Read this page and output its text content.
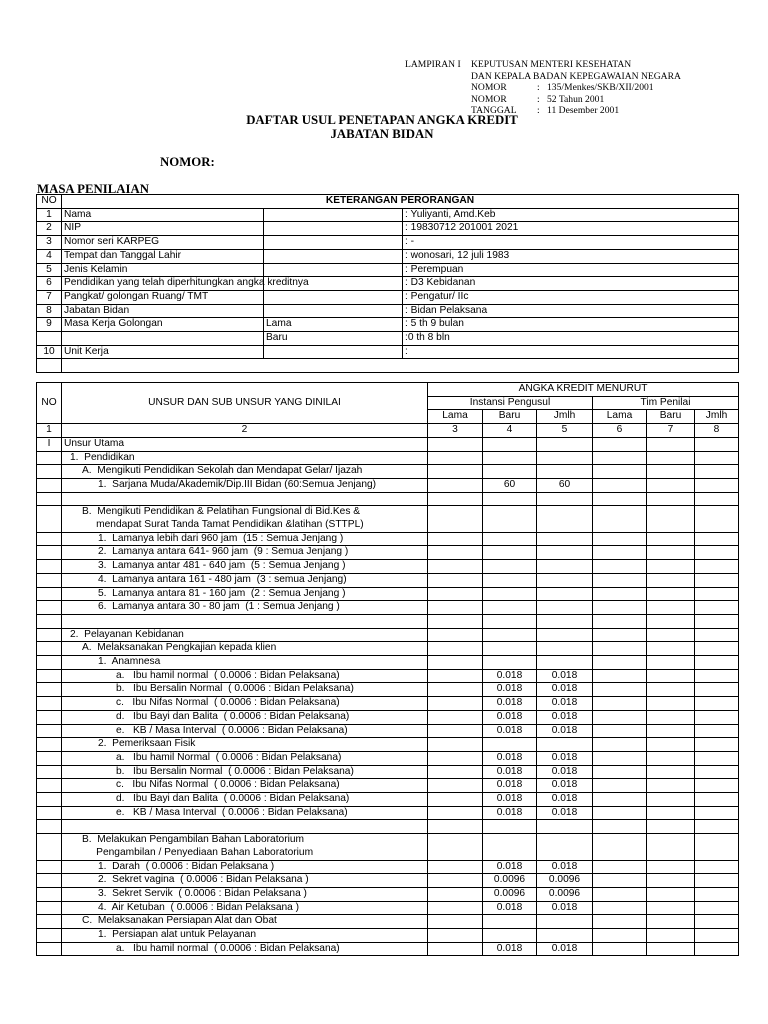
LAMPIRAN I	KEPUTUSAN MENTERI KESEHATAN
DAN KEPALA BADAN KEPEGAWAIAN NEGARA
NOMOR	: 135/Menkes/SKB/XII/2001
NOMOR	: 52 Tahun 2001
TANGGAL	: 11 Desember 2001
DAFTAR USUL PENETAPAN ANGKA KREDIT
JABATAN BIDAN
NOMOR:
MASA PENILAIAN
NO	KETERANGAN PERORANGAN		
1	Nama		: Yuliyanti, Amd.Keb
2	NIP		: 19830712 201001 2021
3	Nomor seri KARPEG		: -
4	Tempat dan Tanggal Lahir		: wonosari, 12 juli 1983
5	Jenis Kelamin		: Perempuan
6	Pendidikan yang telah diperhitungkan angka kreditnya		: D3 Kebidanan
7	Pangkat/ golongan Ruang/ TMT		: Pengatur/ IIc
8	Jabatan Bidan		: Bidan Pelaksana
9	Masa Kerja Golongan	Lama	: 5 th 9 bulan
		Baru	:0 th 8 bln
10	Unit Kerja		:

NO	UNSUR DAN SUB UNSUR YANG DINILAI	ANGKA KREDIT MENURUT					
		Instansi Pengusul			Tim Penilai		
		Lama	Baru	Jmlh	Lama	Baru	Jmlh
1	2	3	4	5	6	7	8
I	Unsur Utama						
	1.  Pendidikan						
	A.  Mengikuti Pendidikan Sekolah dan Mendapat Gelar/ Ijazah						
	1.  Sarjana Muda/Akademik/Dip.III Bidan (60:Semua Jenjang)		60	60			

	B.  Mengikuti Pendidikan & Pelatihan Fungsional di Bid.Kes &
mendapat Surat Tanda Tamat Pendidikan &latihan (STTPL)						

	1.  Lamanya lebih dari 960 jam  (15 : Semua Jenjang )						
	2.  Lamanya antara 641- 960 jam  (9 : Semua Jenjang )						
	3.  Lamanya antar 481 - 640 jam  (5 : Semua Jenjang )						
	4.  Lamanya antara 161 - 480 jam  (3 : semua Jenjang)						
	5.  Lamanya antara 81 - 160 jam  (2 : Semua Jenjang )						
	6.  Lamanya antara 30 - 80 jam  (1 : Semua Jenjang )						

	2.  Pelayanan Kebidanan						
	A.  Melaksanakan Pengkajian kepada klien						
	1.  Anamnesa						
	a.   Ibu hamil normal  ( 0.0006 : Bidan Pelaksana)		0.018	0.018			
	b.   Ibu Bersalin Normal  ( 0.0006 : Bidan Pelaksana)		0.018	0.018			
	c.   Ibu Nifas Normal  ( 0.0006 : Bidan Pelaksana)		0.018	0.018			
	d.   Ibu Bayi dan Balita  ( 0.0006 : Bidan Pelaksana)		0.018	0.018			
	e.   KB / Masa Interval  ( 0.0006 : Bidan Pelaksana)		0.018	0.018			
	2.  Pemeriksaan Fisik						
	a.   Ibu hamil Normal  ( 0.0006 : Bidan Pelaksana)		0.018	0.018			
	b.   Ibu Bersalin Normal  ( 0.0006 : Bidan Pelaksana)		0.018	0.018			
	c.   Ibu Nifas Normal  ( 0.0006 : Bidan Pelaksana)		0.018	0.018			
	d.   Ibu Bayi dan Balita  ( 0.0006 : Bidan Pelaksana)		0.018	0.018			
	e.   KB / Masa Interval  ( 0.0006 : Bidan Pelaksana)		0.018	0.018			

	B.  Melakukan Pengambilan Bahan Laboratorium
Pengambilan / Penyediaan Bahan Laboratorium						

	1.  Darah  ( 0.0006 : Bidan Pelaksana )		0.018	0.018			
	2.  Sekret vagina  ( 0.0006 : Bidan Pelaksana )		0.0096	0.0096			
	3.  Sekret Servik  ( 0.0006 : Bidan Pelaksana )		0.0096	0.0096			
	4.  Air Ketuban  ( 0.0006 : Bidan Pelaksana )		0.018	0.018			
	C.  Melaksanakan Persiapan Alat dan Obat						
	1.  Persiapan alat untuk Pelayanan						
	a.   Ibu hamil normal  ( 0.0006 : Bidan Pelaksana)		0.018	0.018			
